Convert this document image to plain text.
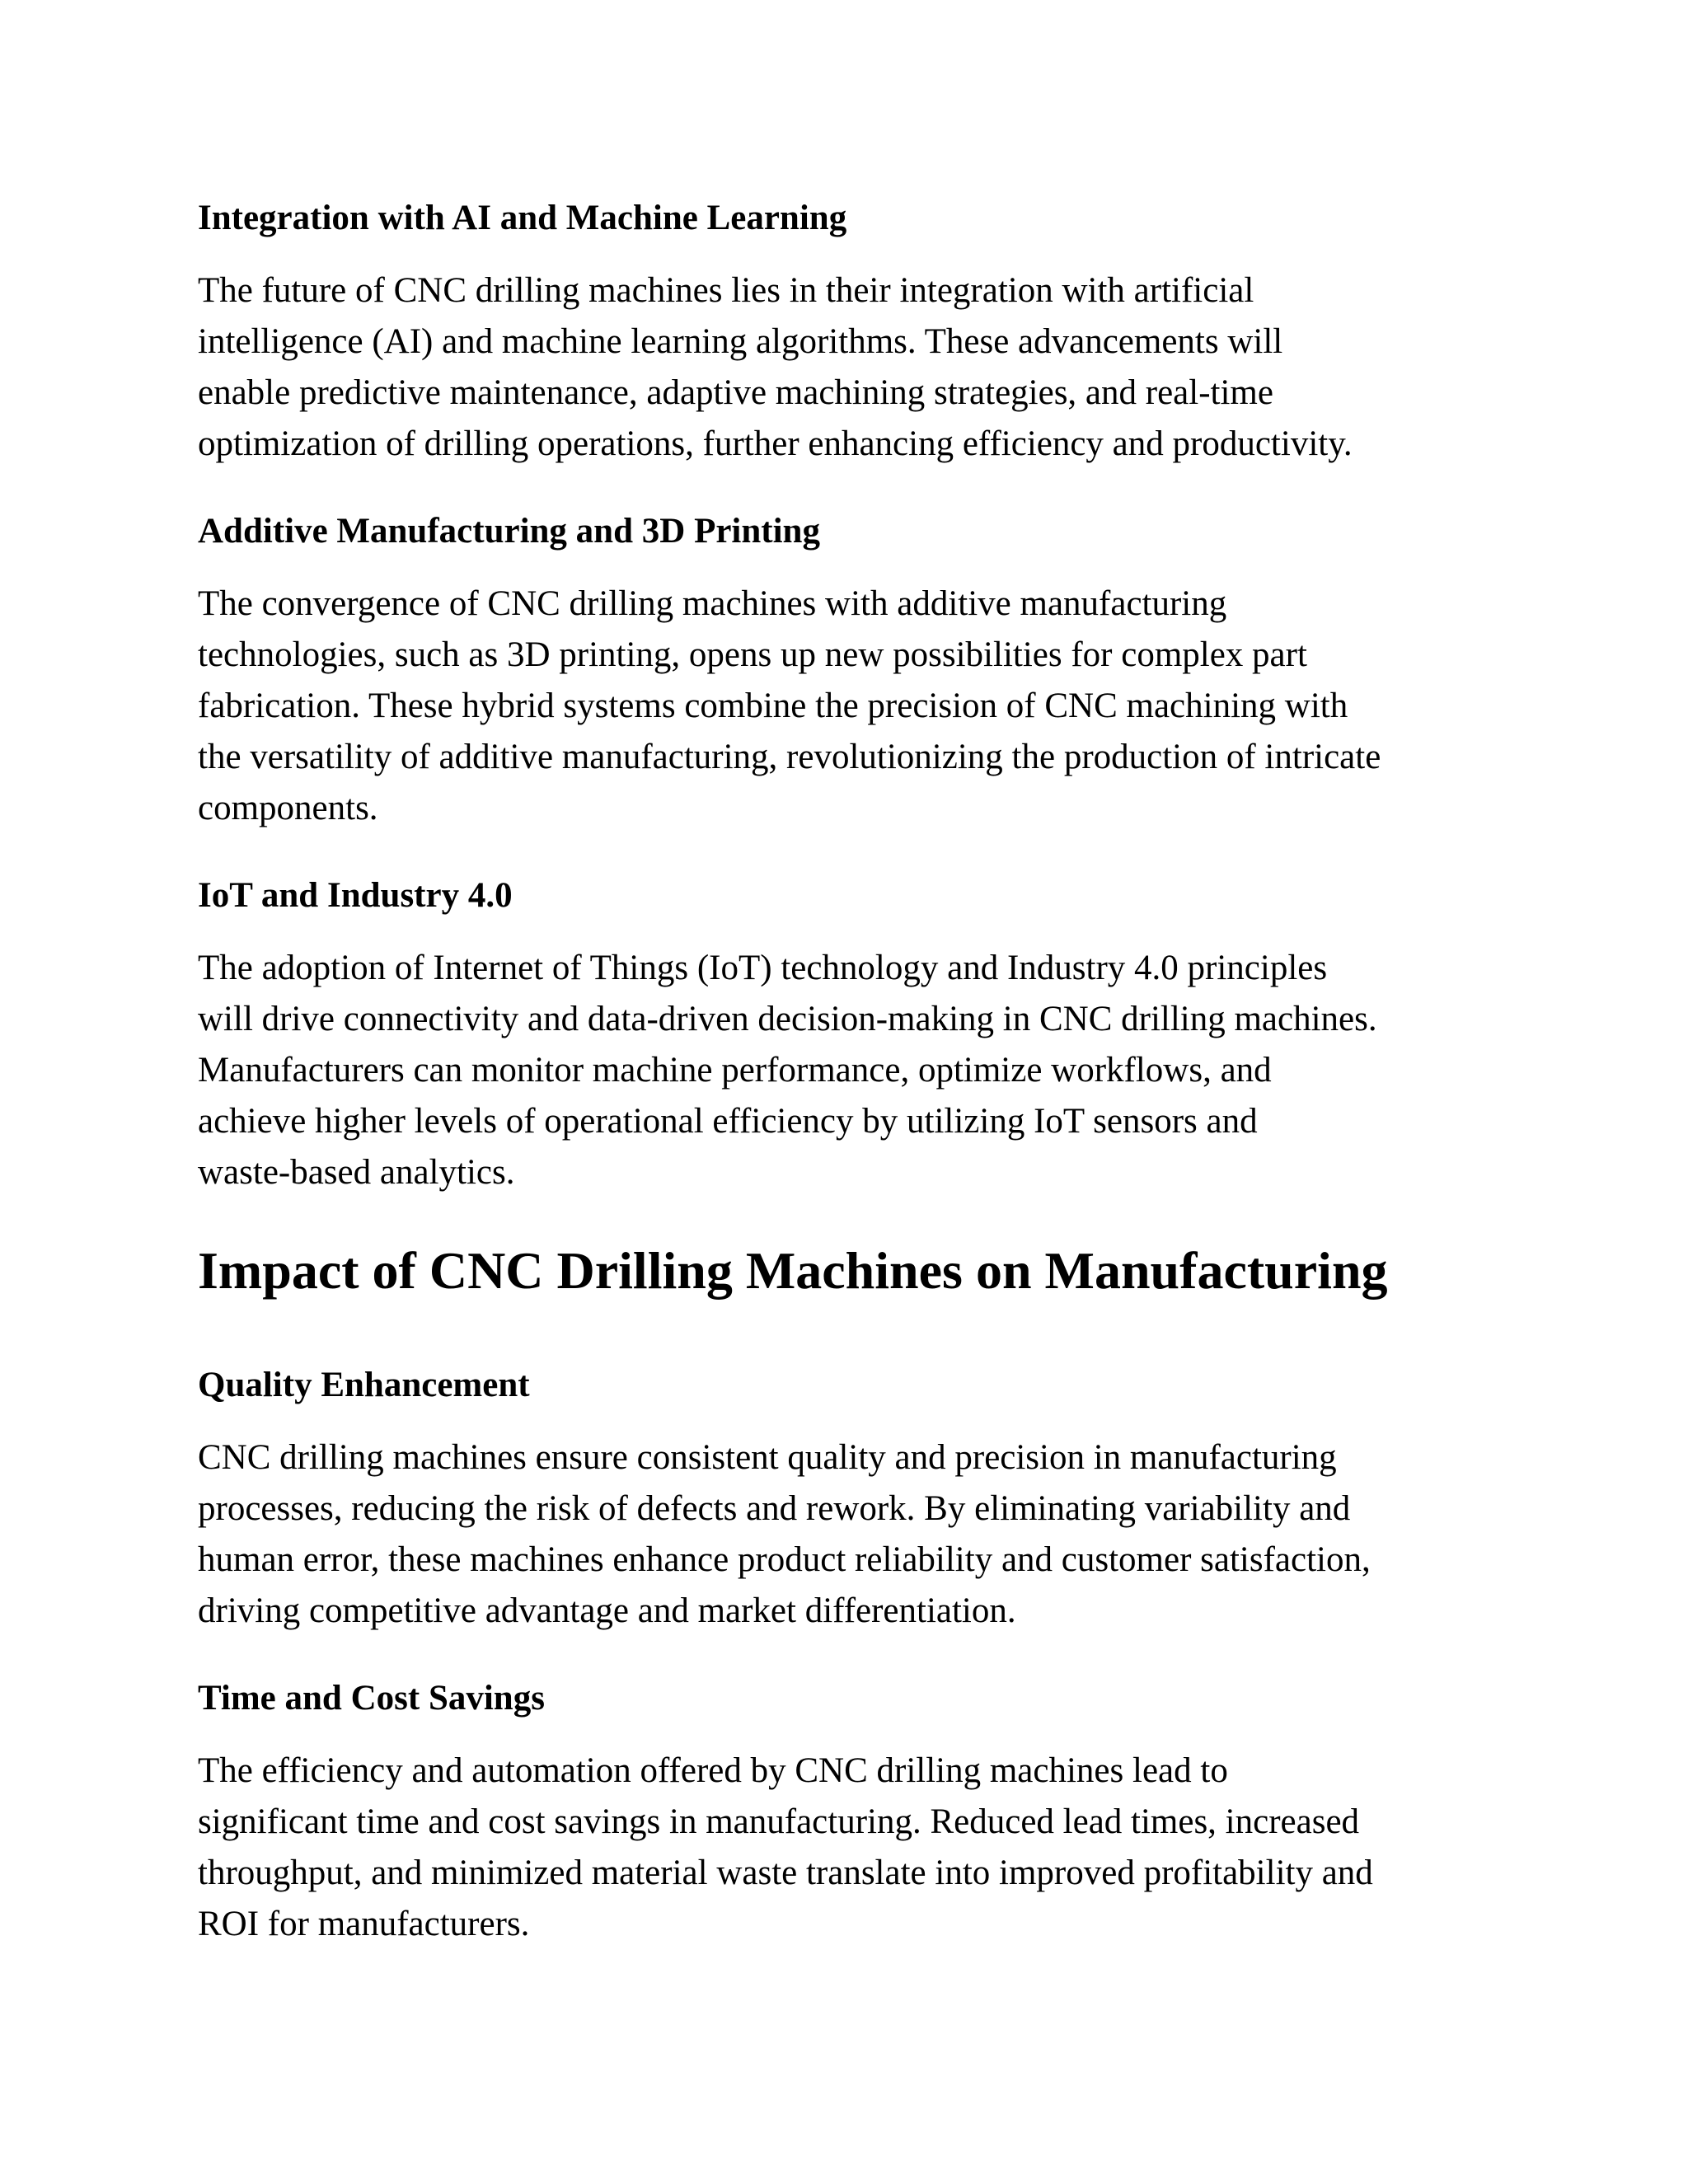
Integration with AI and Machine Learning

The future of CNC drilling machines lies in their integration with artificial
intelligence (AI) and machine learning algorithms. These advancements will
enable predictive maintenance, adaptive machining strategies, and real-time
optimization of drilling operations, further enhancing efficiency and productivity.

Additive Manufacturing and 3D Printing

The convergence of CNC drilling machines with additive manufacturing
technologies, such as 3D printing, opens up new possibilities for complex part
fabrication. These hybrid systems combine the precision of CNC machining with
the versatility of additive manufacturing, revolutionizing the production of intricate
components.

IoT and Industry 4.0

The adoption of Internet of Things (IoT) technology and Industry 4.0 principles
will drive connectivity and data-driven decision-making in CNC drilling machines.
Manufacturers can monitor machine performance, optimize workflows, and
achieve higher levels of operational efficiency by utilizing IoT sensors and
waste-based analytics.

Impact of CNC Drilling Machines on Manufacturing
Quality Enhancement

CNC drilling machines ensure consistent quality and precision in manufacturing
processes, reducing the risk of defects and rework. By eliminating variability and
human error, these machines enhance product reliability and customer satisfaction,
driving competitive advantage and market differentiation.

Time and Cost Savings

The efficiency and automation offered by CNC drilling machines lead to
significant time and cost savings in manufacturing. Reduced lead times, increased
throughput, and minimized material waste translate into improved profitability and
ROI for manufacturers.
